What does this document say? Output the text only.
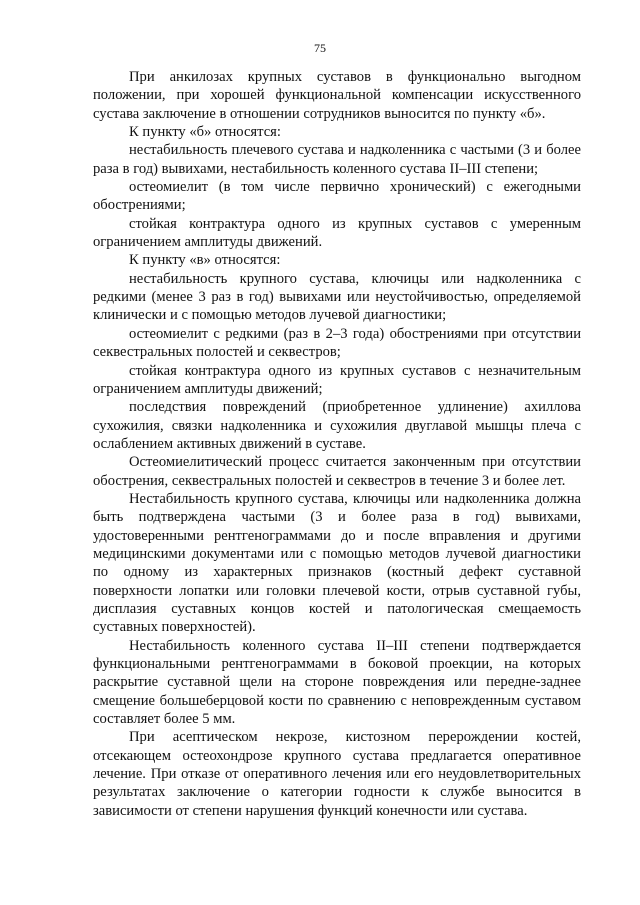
75

При анкилозах крупных суставов в функционально выгодном положении, при хорошей функциональной компенсации искусственного сустава заключение в отношении сотрудников выносится по пункту «б».

К пункту «б» относятся:

нестабильность плечевого сустава и надколенника с частыми (3 и более раза в год) вывихами, нестабильность коленного сустава II–III степени;

остеомиелит (в том числе первично хронический) с ежегодными обострениями;

стойкая контрактура одного из крупных суставов с умеренным ограничением амплитуды движений.

К пункту «в» относятся:

нестабильность крупного сустава, ключицы или надколенника с редкими (менее 3 раз в год) вывихами или неустойчивостью, определяемой клинически и с помощью методов лучевой диагностики;

остеомиелит с редкими (раз в 2–3 года) обострениями при отсутствии секвестральных полостей и секвестров;

стойкая контрактура одного из крупных суставов с незначительным ограничением амплитуды движений;

последствия повреждений (приобретенное удлинение) ахиллова сухожилия, связки надколенника и сухожилия двуглавой мышцы плеча с ослаблением активных движений в суставе.

Остеомиелитический процесс считается законченным при отсутствии обострения, секвестральных полостей и секвестров в течение 3 и более лет.

Нестабильность крупного сустава, ключицы или надколенника должна быть подтверждена частыми (3 и более раза в год) вывихами, удостоверенными рентгенограммами до и после вправления и другими медицинскими документами или с помощью методов лучевой диагностики по одному из характерных признаков (костный дефект суставной поверхности лопатки или головки плечевой кости, отрыв суставной губы, дисплазия суставных концов костей и патологическая смещаемость суставных поверхностей).

Нестабильность коленного сустава II–III степени подтверждается функциональными рентгенограммами в боковой проекции, на которых раскрытие суставной щели на стороне повреждения или передне-заднее смещение большеберцовой кости по сравнению с неповрежденным суставом составляет более 5 мм.

При асептическом некрозе, кистозном перерождении костей, отсекающем остеохондрозе крупного сустава предлагается оперативное лечение. При отказе от оперативного лечения или его неудовлетворительных результатах заключение о категории годности к службе выносится в зависимости от степени нарушения функций конечности или сустава.
